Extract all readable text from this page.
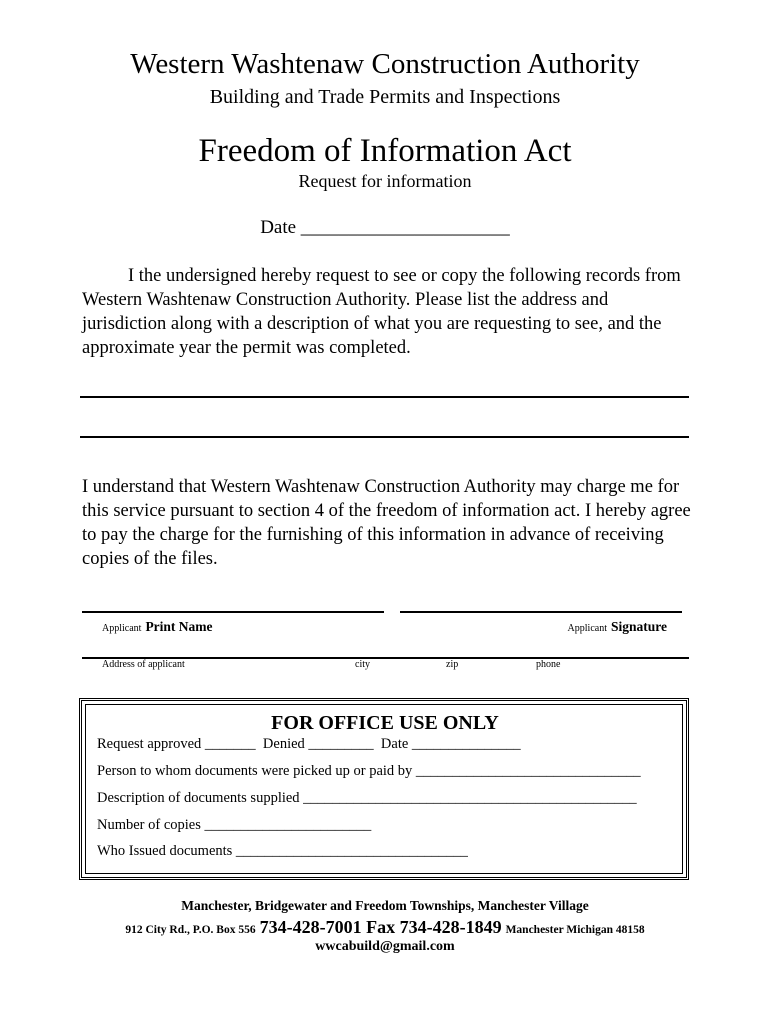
Western Washtenaw Construction Authority
Building and Trade Permits and Inspections
Freedom of Information Act
Request for information
Date ______________________
I the undersigned hereby request to see or copy the following records from Western Washtenaw Construction Authority. Please list the address and jurisdiction along with a description of what you are requesting to see, and the approximate year the permit was completed.
I understand that Western Washtenaw Construction Authority may charge me for this service pursuant to section 4 of the freedom of information act. I hereby agree to pay the charge for the furnishing of this information in advance of receiving copies of the files.
Applicant Print Name	Applicant Signature
Address of applicant	city	zip	phone
FOR OFFICE USE ONLY
Request approved _______  Denied _________  Date _______________
Person to whom documents were picked up or paid by _______________________________
Description of documents supplied ______________________________________________
Number of copies _______________________
Who Issued documents ________________________________
Manchester, Bridgewater and Freedom Townships, Manchester Village
912 City Rd., P.O. Box 556 734-428-7001 Fax 734-428-1849 Manchester Michigan 48158
wwcabuild@gmail.com
